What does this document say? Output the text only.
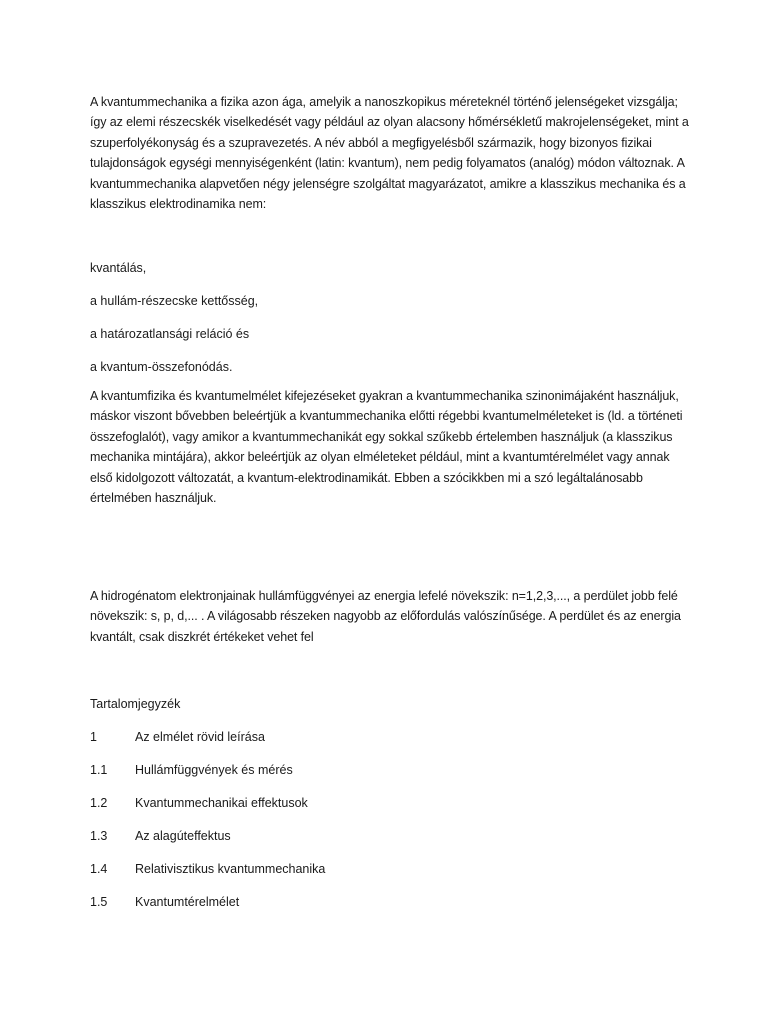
A kvantummechanika a fizika azon ága, amelyik a nanoszkopikus méreteknél történő jelenségeket vizsgálja; így az elemi részecskék viselkedését vagy például az olyan alacsony hőmérsékletű makrojelenségeket, mint a szuperfolyékonyság és a szupravezetés. A név abból a megfigyelésből származik, hogy bizonyos fizikai tulajdonságok egységi mennyiségenként (latin: kvantum), nem pedig folyamatos (analóg) módon változnak. A kvantummechanika alapvetően négy jelenségre szolgáltat magyarázatot, amikre a klasszikus mechanika és a klasszikus elektrodinamika nem:

kvantálás,
a hullám-részecske kettősség,
a határozatlansági reláció és
a kvantum-összefonódás.

A kvantumfizika és kvantumelmélet kifejezéseket gyakran a kvantummechanika szinonimájaként használjuk, máskor viszont bővebben beleértjük a kvantummechanika előtti régebbi kvantumelméleteket is (ld. a történeti összefoglalót), vagy amikor a kvantummechanikát egy sokkal szűkebb értelemben használjuk (a klasszikus mechanika mintájára), akkor beleértjük az olyan elméleteket például, mint a kvantumtérelmélet vagy annak első kidolgozott változatát, a kvantum-elektrodinamikát. Ebben a szócikkben mi a szó legáltalánosabb értelmében használjuk.

A hidrogénatom elektronjainak hullámfüggvényei az energia lefelé növekszik: n=1,2,3,..., a perdület jobb felé növekszik: s, p, d,... . A világosabb részeken nagyobb az előfordulás valószínűsége. A perdület és az energia kvantált, csak diszkrét értékeket vehet fel

Tartalomjegyzék
1	Az elmélet rövid leírása
1.1 Hullámfüggvények és mérés
1.2 Kvantummechanikai effektusok
1.3 Az alagúteffektus
1.4 Relativisztikus kvantummechanika
1.5 Kvantumtérelmélet
